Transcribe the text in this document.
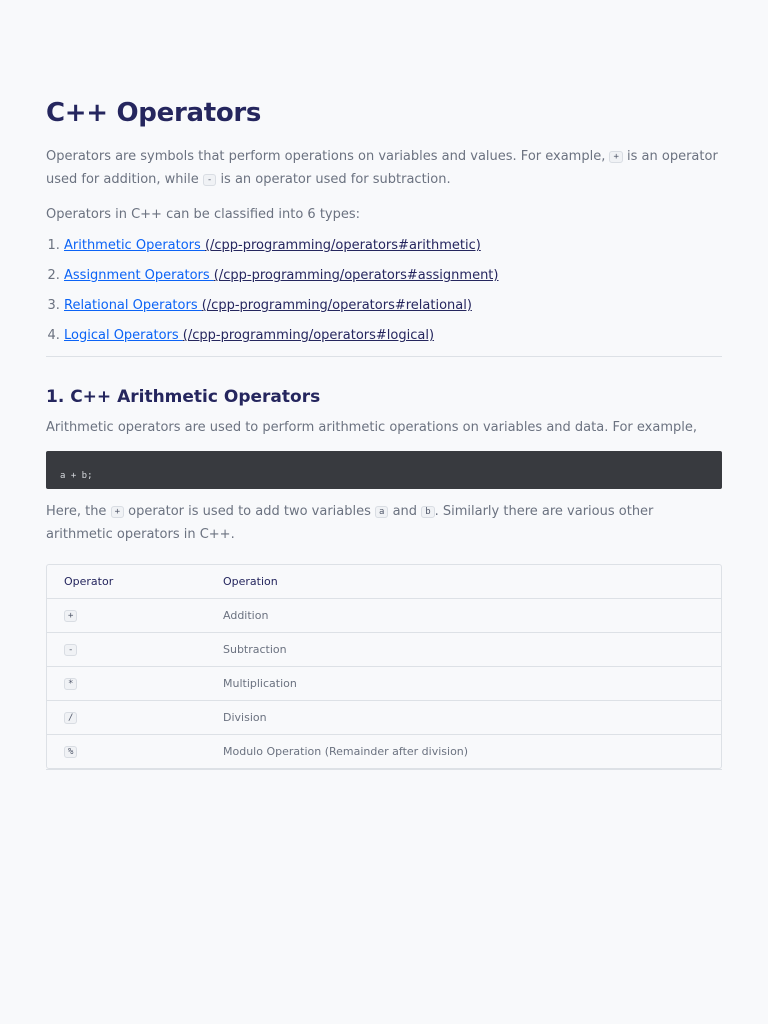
C++ Operators

Operators are symbols that perform operations on variables and values. For example, + is an operator used for addition, while - is an operator used for subtraction.

Operators in C++ can be classified into 6 types:

1. Arithmetic Operators (/cpp-programming/operators#arithmetic)
2. Assignment Operators (/cpp-programming/operators#assignment)
3. Relational Operators (/cpp-programming/operators#relational)
4. Logical Operators (/cpp-programming/operators#logical)
1. C++ Arithmetic Operators

Arithmetic operators are used to perform arithmetic operations on variables and data. For example,

a + b;

Here, the + operator is used to add two variables a and b . Similarly there are various other arithmetic operators in C++.

Operator	Operation
+	Addition
-	Subtraction
*	Multiplication
/	Division
%	Modulo Operation (Remainder after division)
